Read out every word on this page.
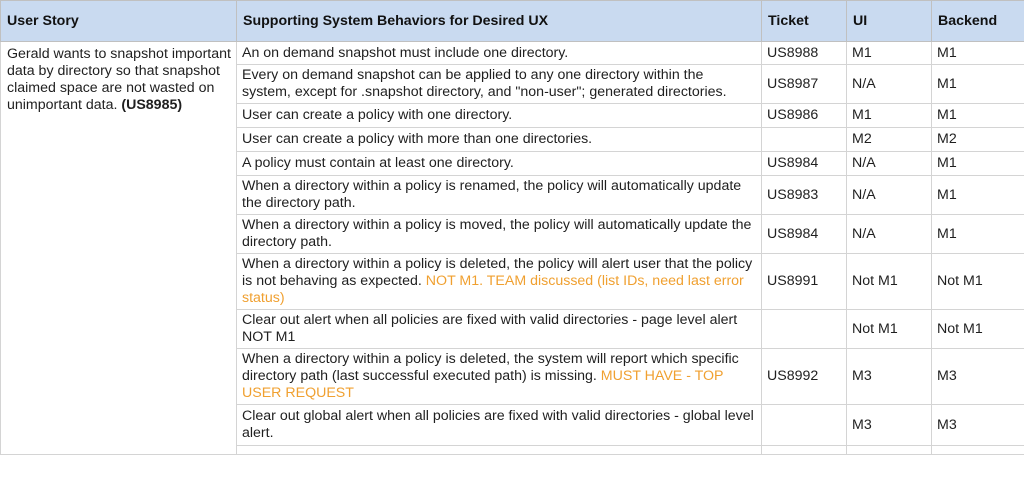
User Story	Supporting System Behaviors for Desired UX	Ticket	UI	Backend
Gerald wants to snapshot important data by directory so that snapshot claimed space are not wasted on unimportant data. (US8985)	An on demand snapshot must include one directory.	US8988	M1	M1
	Every on demand snapshot can be applied to any one directory within the system, except for .snapshot directory, and "non-user"; generated directories.	US8987	N/A	M1
	User can create a policy with one directory.	US8986	M1	M1
	User can create a policy with more than one directories.		M2	M2
	A policy must contain at least one directory.	US8984	N/A	M1
	When a directory within a policy is renamed, the policy will automatically update the directory path.	US8983	N/A	M1
	When a directory within a policy is moved, the policy will automatically update the directory path.	US8984	N/A	M1
	When a directory within a policy is deleted, the policy will alert user that the policy is not behaving as expected. NOT M1. TEAM discussed (list IDs, need last error status)	US8991	Not M1	Not M1
	Clear out alert when all policies are fixed with valid directories - page level alert NOT M1		Not M1	Not M1
	When a directory within a policy is deleted, the system will report which specific directory path (last successful executed path) is missing. MUST HAVE - TOP USER REQUEST	US8992	M3	M3
	Clear out global alert when all policies are fixed with valid directories - global level alert.		M3	M3
